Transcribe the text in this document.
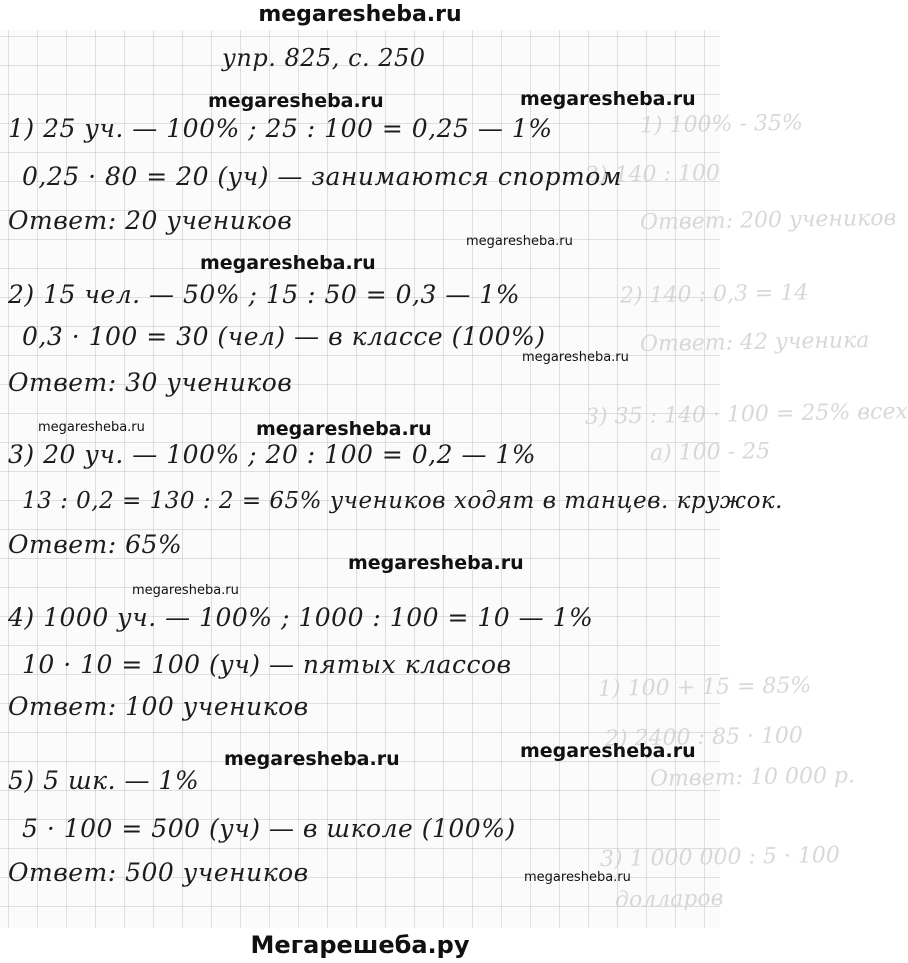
megaresheba.ru
1) 100% - 35%
2) 140 : 100
Ответ: 200 учеников
2) 140 : 0,3 = 14
Ответ: 42 ученика
3) 35 : 140 · 100 = 25% всех
а) 100 - 25
1) 100 + 15 = 85%
2) 2400 : 85 · 100
Ответ: 10 000 р.
3) 1 000 000 : 5 · 100
долларов
упр. 825, с. 250
1) 25 уч. — 100% ; 25 : 100 = 0,25 — 1%
0,25 · 80 = 20 (уч) — занимаются спортом
Ответ: 20 учеников
2) 15 чел. — 50% ; 15 : 50 = 0,3 — 1%
0,3 · 100 = 30 (чел) — в классе (100%)
Ответ: 30 учеников
3) 20 уч. — 100% ; 20 : 100 = 0,2 — 1%
13 : 0,2 = 130 : 2 = 65% учеников ходят в танцев. кружок.
Ответ: 65%
4) 1000 уч. — 100% ; 1000 : 100 = 10 — 1%
10 · 10 = 100 (уч) — пятых классов
Ответ: 100 учеников
5) 5 шк. — 1%
5 · 100 = 500 (уч) — в школе (100%)
Ответ: 500 учеников
megaresheba.ru	megaresheba.ru
megaresheba.ru
megaresheba.ru
megaresheba.ru
megaresheba.ru	megaresheba.ru
megaresheba.ru
megaresheba.ru
megaresheba.ru
megaresheba.ru
megaresheba.ru
Мегарешеба.ру
